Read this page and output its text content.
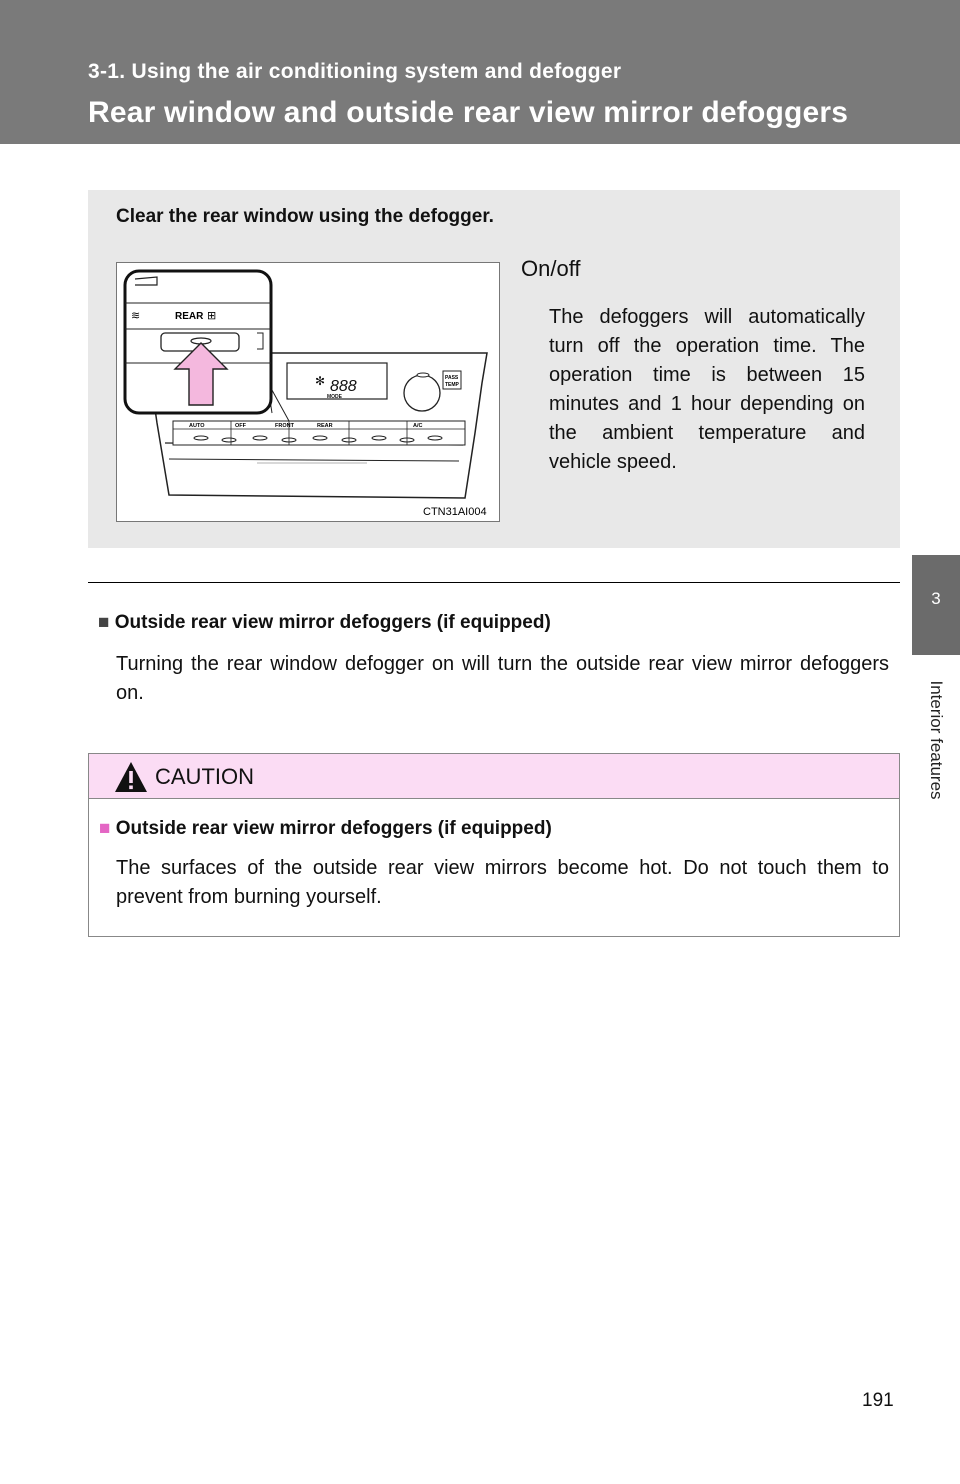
3-1. Using the air conditioning system and defogger
Rear window and outside rear view mirror defoggers
3
Interior features
Clear the rear window using the defogger.
888
MODE
✻	PASS
TEMP
AUTO	OFF	FRONT	REAR	A/C
REAR ⊞
≋
CTN31AI004
On/off
The defoggers will automatically turn off the operation time. The operation time is between 15 minutes and 1 hour depending on the ambient temperature and vehicle speed.
■ Outside rear view mirror defoggers (if equipped)
Turning the rear window defogger on will turn the outside rear view mirror defoggers on.
CAUTION
■ Outside rear view mirror defoggers (if equipped)
The surfaces of the outside rear view mirrors become hot. Do not touch them to prevent from burning yourself.
191
